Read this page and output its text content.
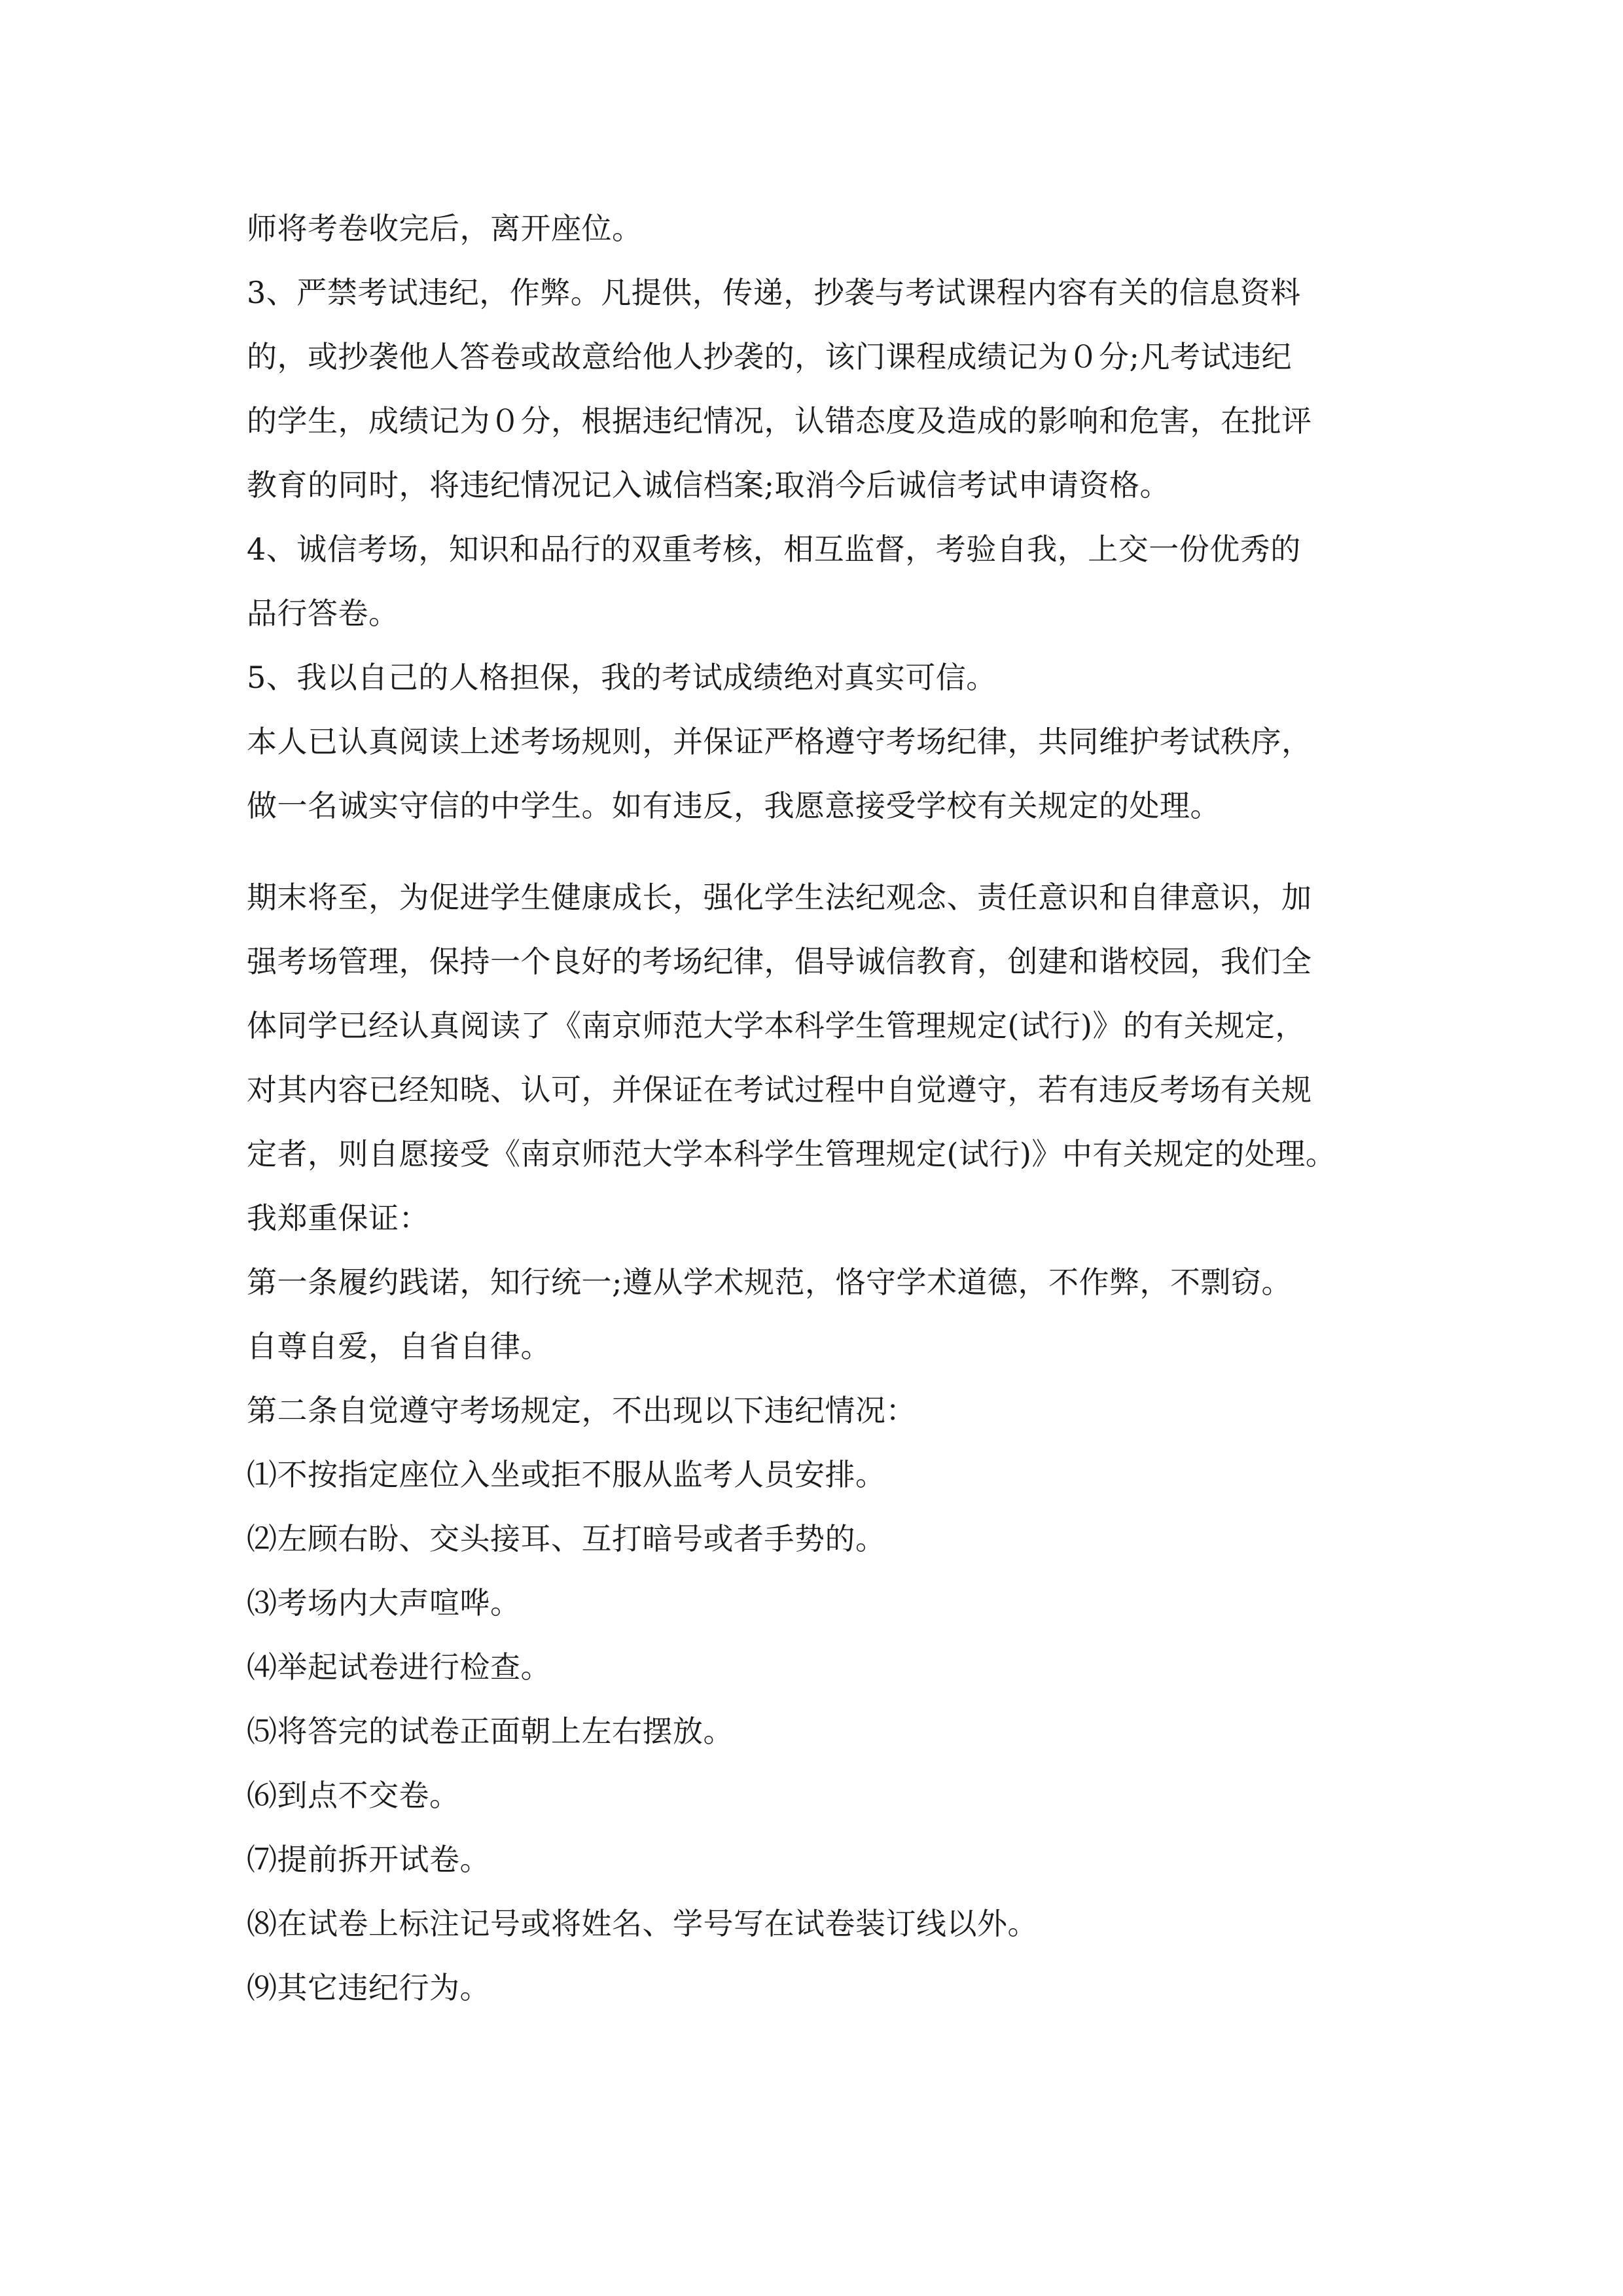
师将考卷收完后，离开座位。
3、严禁考试违纪，作弊。凡提供，传递，抄袭与考试课程内容有关的信息资料
的，或抄袭他人答卷或故意给他人抄袭的，该门课程成绩记为０分;凡考试违纪
的学生，成绩记为０分，根据违纪情况，认错态度及造成的影响和危害，在批评
教育的同时，将违纪情况记入诚信档案;取消今后诚信考试申请资格。
4、诚信考场，知识和品行的双重考核，相互监督，考验自我，上交一份优秀的
品行答卷。
5、我以自己的人格担保，我的考试成绩绝对真实可信。
本人已认真阅读上述考场规则，并保证严格遵守考场纪律，共同维护考试秩序，
做一名诚实守信的中学生。如有违反，我愿意接受学校有关规定的处理。
期末将至，为促进学生健康成长，强化学生法纪观念、责任意识和自律意识，加
强考场管理，保持一个良好的考场纪律，倡导诚信教育，创建和谐校园，我们全
体同学已经认真阅读了《南京师范大学本科学生管理规定(试行)》的有关规定，
对其内容已经知晓、认可，并保证在考试过程中自觉遵守，若有违反考场有关规
定者，则自愿接受《南京师范大学本科学生管理规定(试行)》中有关规定的处理。
我郑重保证：
第一条履约践诺，知行统一;遵从学术规范，恪守学术道德，不作弊，不剽窃。
自尊自爱，自省自律。
第二条自觉遵守考场规定，不出现以下违纪情况：
⑴不按指定座位入坐或拒不服从监考人员安排。
⑵左顾右盼、交头接耳、互打暗号或者手势的。
⑶考场内大声喧哗。
⑷举起试卷进行检查。
⑸将答完的试卷正面朝上左右摆放。
⑹到点不交卷。
⑺提前拆开试卷。
⑻在试卷上标注记号或将姓名、学号写在试卷装订线以外。
⑼其它违纪行为。
